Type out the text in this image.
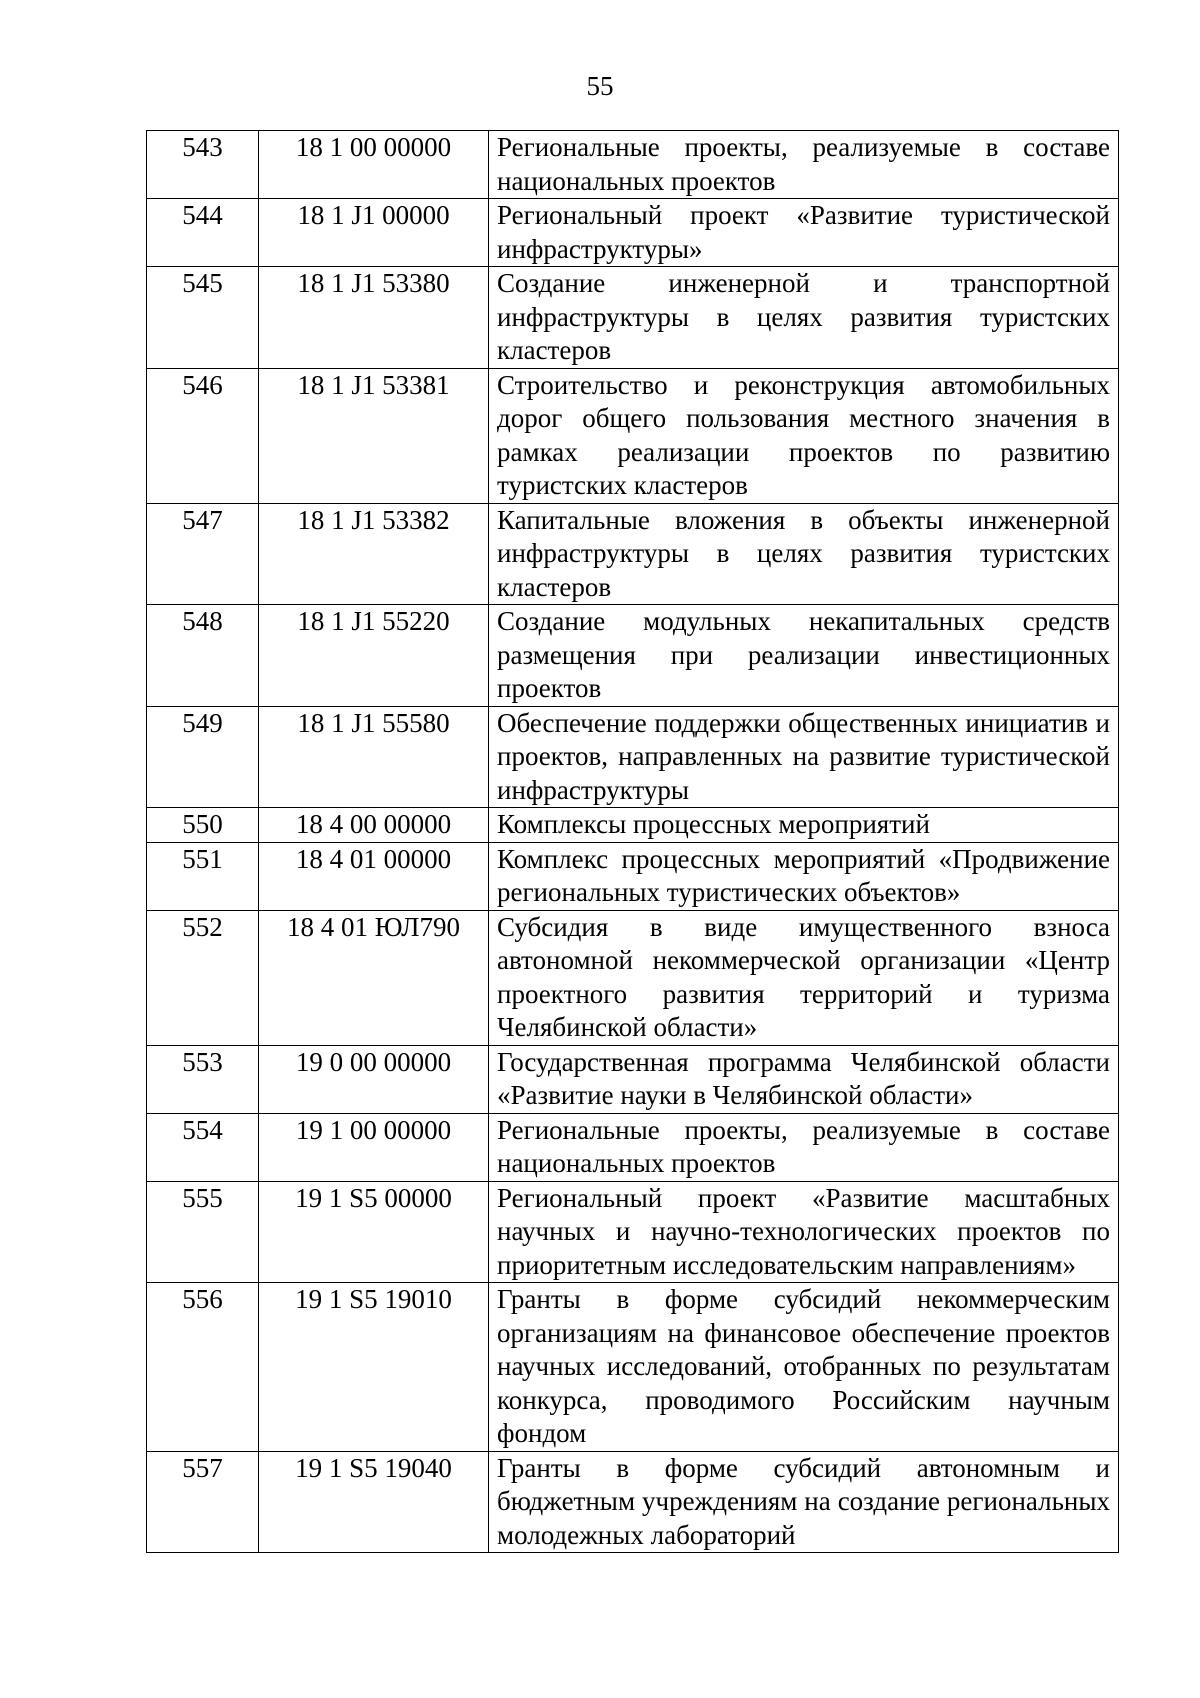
55
543	18 1 00 00000	Региональные проекты, реализуемые в составе национальных проектов
544	18 1 J1 00000	Региональный проект «Развитие туристической инфраструктуры»
545	18 1 J1 53380	Создание инженерной и транспортной инфраструктуры в целях развития туристских кластеров
546	18 1 J1 53381	Строительство и реконструкция автомобильных дорог общего пользования местного значения в рамках реализации проектов по развитию туристских кластеров
547	18 1 J1 53382	Капитальные вложения в объекты инженерной инфраструктуры в целях развития туристских кластеров
548	18 1 J1 55220	Создание модульных некапитальных средств размещения при реализации инвестиционных проектов
549	18 1 J1 55580	Обеспечение поддержки общественных инициатив и проектов, направленных на развитие туристической инфраструктуры
550	18 4 00 00000	Комплексы процессных мероприятий
551	18 4 01 00000	Комплекс процессных мероприятий «Продвижение региональных туристических объектов»
552	18 4 01 ЮЛ790	Субсидия в виде имущественного взноса автономной некоммерческой организации «Центр проектного развития территорий и туризма Челябинской области»
553	19 0 00 00000	Государственная программа Челябинской области «Развитие науки в Челябинской области»
554	19 1 00 00000	Региональные проекты, реализуемые в составе национальных проектов
555	19 1 S5 00000	Региональный проект «Развитие масштабных научных и научно-технологических проектов по приоритетным исследовательским направлениям»
556	19 1 S5 19010	Гранты в форме субсидий некоммерческим организациям на финансовое обеспечение проектов научных исследований, отобранных по результатам конкурса, проводимого Российским научным фондом
557	19 1 S5 19040	Гранты в форме субсидий автономным и бюджетным учреждениям на создание региональных молодежных лабораторий
